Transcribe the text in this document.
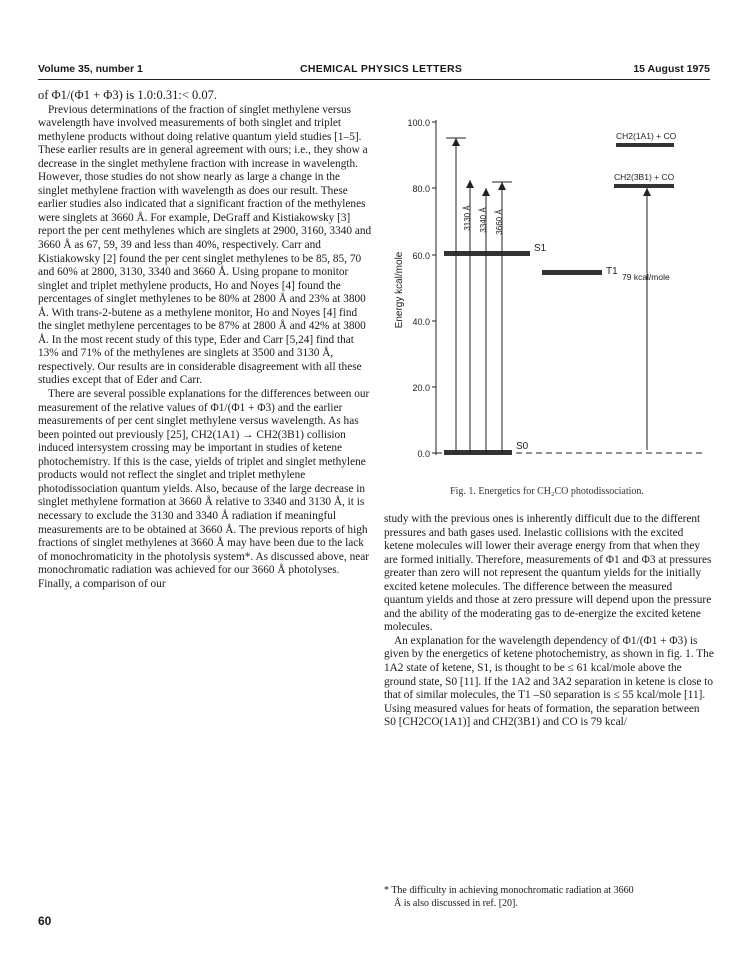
Volume 35, number 1	CHEMICAL PHYSICS LETTERS	15 August 1975

of Φ1/(Φ1 + Φ3) is 1.0:0.31:< 0.07.

Previous determinations of the fraction of singlet methylene versus wavelength have involved measurements of both singlet and triplet methylene products without doing relative quantum yield studies [1–5]. These earlier results are in general agreement with ours; i.e., they show a decrease in the singlet methylene fraction with increase in wavelength. However, those studies do not show nearly as large a change in the singlet methylene fraction with wavelength as does our result. These earlier studies also indicated that a significant fraction of the methylenes were singlets at 3660 Å. For example, DeGraff and Kistiakowsky [3] report the per cent methylenes which are singlets at 2900, 3160, 3340 and 3660 Å as 67, 59, 39 and less than 40%, respectively. Carr and Kistiakowsky [2] found the per cent singlet methylenes to be 85, 85, 70 and 60% at 2800, 3130, 3340 and 3660 Å. Using propane to monitor singlet and triplet methylene products, Ho and Noyes [4] found the percentages of singlet methylenes to be 80% at 2800 Å and 23% at 3800 Å. With trans-2-butene as a methylene monitor, Ho and Noyes [4] find the singlet methylene percentages to be 87% at 2800 Å and 42% at 3800 Å. In the most recent study of this type, Eder and Carr [5,24] find that 13% and 71% of the methylenes are singlets at 3500 and 3130 Å, respectively. Our results are in considerable disagreement with all these studies except that of Eder and Carr.

There are several possible explanations for the differences between our measurement of the relative values of Φ1/(Φ1 + Φ3) and the earlier measurements of per cent singlet methylene versus wavelength. As has been pointed out previously [25], CH2(1A1) → CH2(3B1) collision induced intersystem crossing may be important in studies of ketene photochemistry. If this is the case, yields of triplet and singlet methylene products would not reflect the singlet and triplet methylene photodissociation quantum yields. Also, because of the large decrease in singlet methylene formation at 3660 Å relative to 3340 and 3130 Å, it is necessary to exclude the 3130 and 3340 Å radiation if meaningful measurements are to be obtained at 3660 Å. The previous reports of high fractions of singlet methylenes at 3660 Å may have been due to the lack of monochromaticity in the photolysis system*. As discussed above, near monochromatic radiation was achieved for our 3660 Å photolyses. Finally, a comparison of our

100.0
80.0
60.0
40.0
20.0
0.0
Energy kcal/mole
S0
S1
T1
CH2(1A1) + CO
CH2(3B1) + CO
79 kcal/mole
3130 Å 3340 Å 3660 Å
Fig. 1. Energetics for CH₂CO photodissociation.

study with the previous ones is inherently difficult due to the different pressures and bath gases used. Inelastic collisions with the excited ketene molecules will lower their average energy from that when they are formed initially. Therefore, measurements of Φ1 and Φ3 at pressures greater than zero will not represent the quantum yields for the initially excited ketene molecules. The difference between the measured quantum yields and those at zero pressure will depend upon the pressure and the ability of the moderating gas to de-energize the excited ketene molecules.

An explanation for the wavelength dependency of Φ1/(Φ1 + Φ3) is given by the energetics of ketene photochemistry, as shown in fig. 1. The 1A2 state of ketene, S1, is thought to be ≤ 61 kcal/mole above the ground state, S0 [11]. If the 1A2 and 3A2 separation in ketene is close to that of similar molecules, the T1 –S0 separation is ≤ 55 kcal/mole [11]. Using measured values for heats of formation, the separation between S0 [CH2CO(1A1)] and CH2(3B1) and CO is 79 kcal/

* The difficulty in achieving monochromatic radiation at 3660
Å is also discussed in ref. [20].
60
